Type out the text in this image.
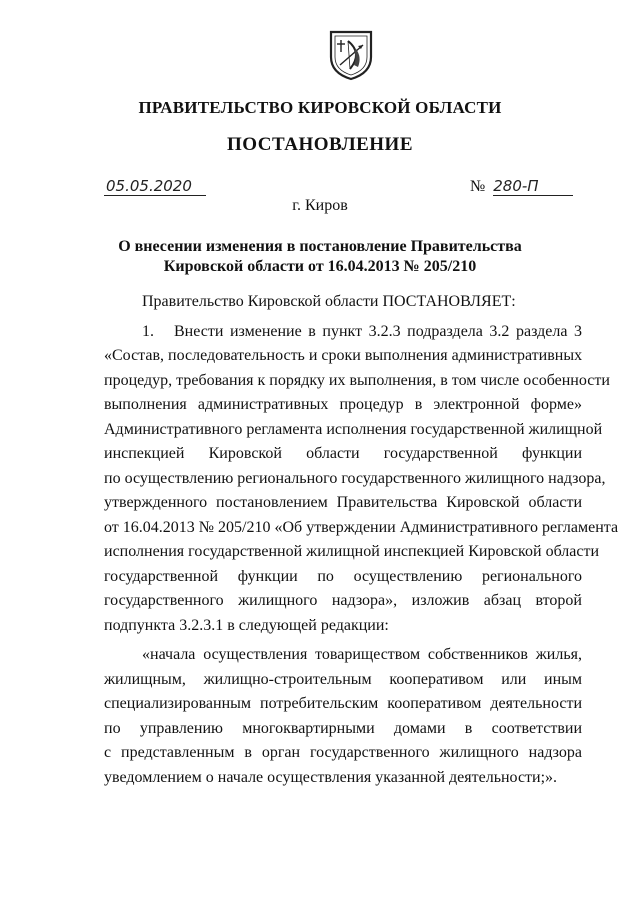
ПРАВИТЕЛЬСТВО КИРОВСКОЙ ОБЛАСТИ
ПОСТАНОВЛЕНИЕ
05.05.2020	№ 280-П
г. Киров
О внесении изменения в постановление Правительства
Кировской области от 16.04.2013 № 205/210

Правительство Кировской области ПОСТАНОВЛЯЕТ:

1. Внести изменение в пункт 3.2.3 подраздела 3.2 раздела 3
«Состав, последовательность и сроки выполнения административных
процедур, требования к порядку их выполнения, в том числе особенности
выполнения административных процедур в электронной форме»
Административного регламента исполнения государственной жилищной
инспекцией Кировской области государственной функции
по осуществлению регионального государственного жилищного надзора,
утвержденного постановлением Правительства Кировской области
от 16.04.2013 № 205/210 «Об утверждении Административного регламента
исполнения государственной жилищной инспекцией Кировской области
государственной функции по осуществлению регионального
государственного жилищного надзора», изложив абзац второй
подпункта 3.2.3.1 в следующей редакции:
«начала осуществления товариществом собственников жилья,
жилищным, жилищно-строительным кооперативом или иным
специализированным потребительским кооперативом деятельности
по управлению многоквартирными домами в соответствии
с представленным в орган государственного жилищного надзора
уведомлением о начале осуществления указанной деятельности;».
